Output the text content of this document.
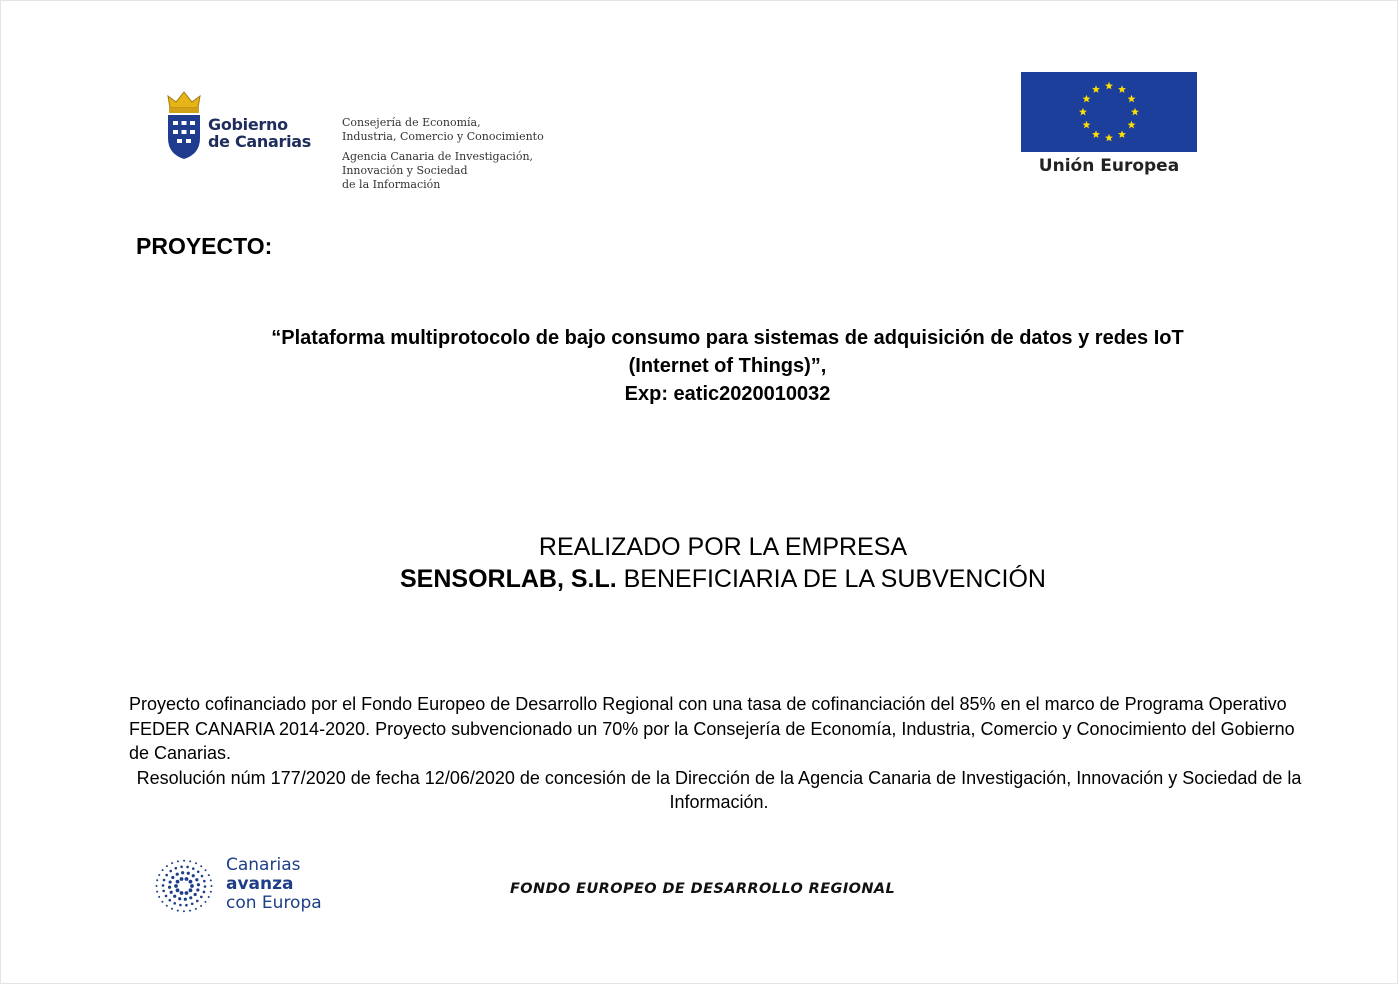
Gobierno
de Canarias
Consejería de Economía,
Industria, Comercio y Conocimiento
Agencia Canaria de Investigación,
Innovación y Sociedad
de la Información
Unión Europea
PROYECTO:
“Plataforma multiprotocolo de bajo consumo para sistemas de adquisición de datos y redes IoT
(Internet of Things)”,
Exp: eatic2020010032
REALIZADO POR LA EMPRESA
SENSORLAB, S.L. BENEFICIARIA DE LA SUBVENCIÓN
Proyecto cofinanciado por el Fondo Europeo de Desarrollo Regional con una tasa de cofinanciación del 85% en el marco de Programa Operativo FEDER CANARIA 2014-2020. Proyecto subvencionado un 70% por la Consejería de Economía, Industria, Comercio y Conocimiento del Gobierno de Canarias.
Resolución núm 177/2020 de fecha 12/06/2020 de concesión de la Dirección de la Agencia Canaria de Investigación, Innovación y Sociedad de la Información.
Canarias
avanza
con Europa
FONDO EUROPEO DE DESARROLLO REGIONAL
